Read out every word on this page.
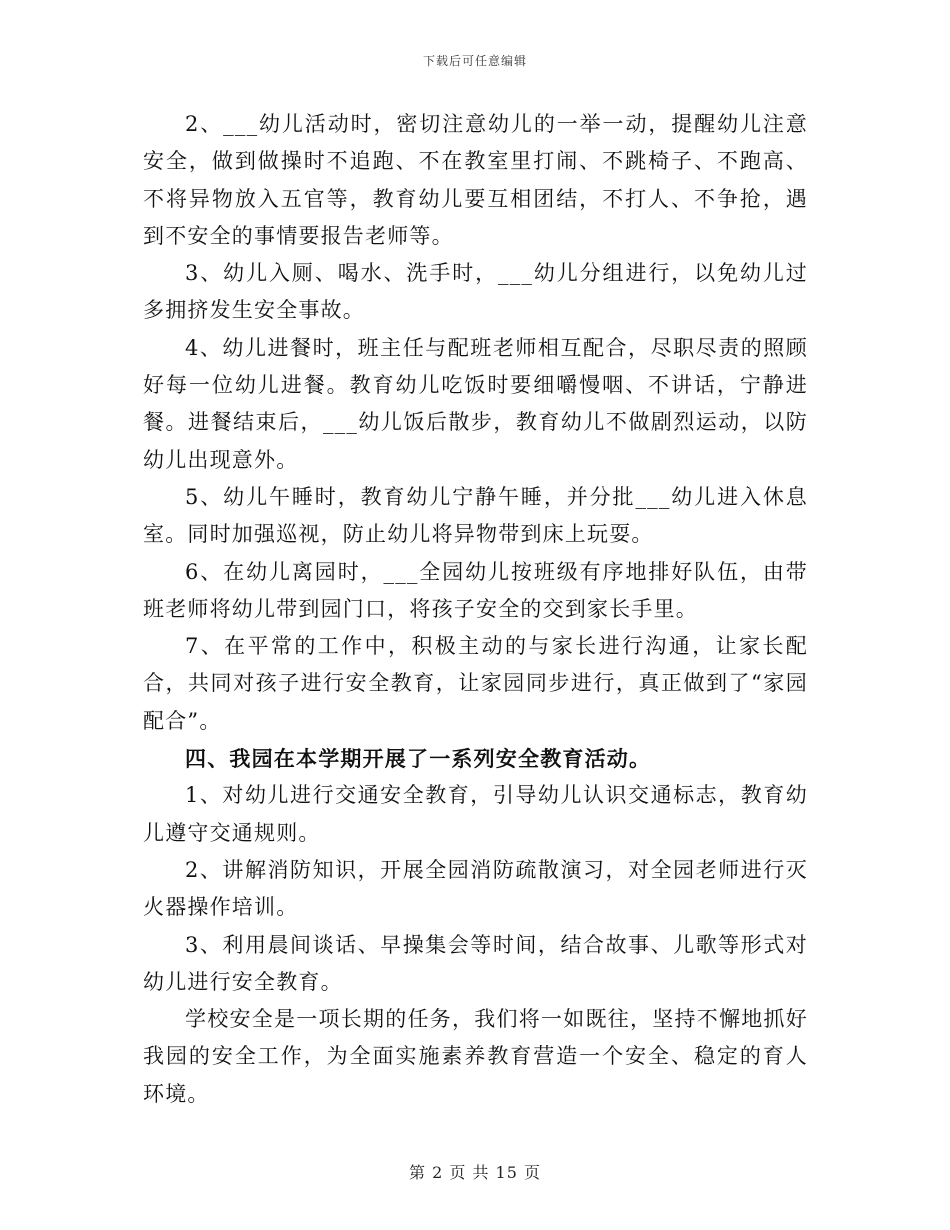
下载后可任意编辑

2、___幼儿活动时，密切注意幼儿的一举一动，提醒幼儿注意安全，做到做操时不追跑、不在教室里打闹、不跳椅子、不跑高、不将异物放入五官等，教育幼儿要互相团结，不打人、不争抢，遇到不安全的事情要报告老师等。

3、幼儿入厕、喝水、洗手时，___幼儿分组进行，以免幼儿过多拥挤发生安全事故。

4、幼儿进餐时，班主任与配班老师相互配合，尽职尽责的照顾好每一位幼儿进餐。教育幼儿吃饭时要细嚼慢咽、不讲话，宁静进餐。进餐结束后，___幼儿饭后散步，教育幼儿不做剧烈运动，以防幼儿出现意外。

5、幼儿午睡时，教育幼儿宁静午睡，并分批___幼儿进入休息室。同时加强巡视，防止幼儿将异物带到床上玩耍。

6、在幼儿离园时，___全园幼儿按班级有序地排好队伍，由带班老师将幼儿带到园门口，将孩子安全的交到家长手里。

7、在平常的工作中，积极主动的与家长进行沟通，让家长配合，共同对孩子进行安全教育，让家园同步进行，真正做到了“家园配合”。

四、我园在本学期开展了一系列安全教育活动。

1、对幼儿进行交通安全教育，引导幼儿认识交通标志，教育幼儿遵守交通规则。

2、讲解消防知识，开展全园消防疏散演习，对全园老师进行灭火器操作培训。

3、利用晨间谈话、早操集会等时间，结合故事、儿歌等形式对幼儿进行安全教育。

学校安全是一项长期的任务，我们将一如既往，坚持不懈地抓好我园的安全工作，为全面实施素养教育营造一个安全、稳定的育人环境。

第 2 页 共 15 页
